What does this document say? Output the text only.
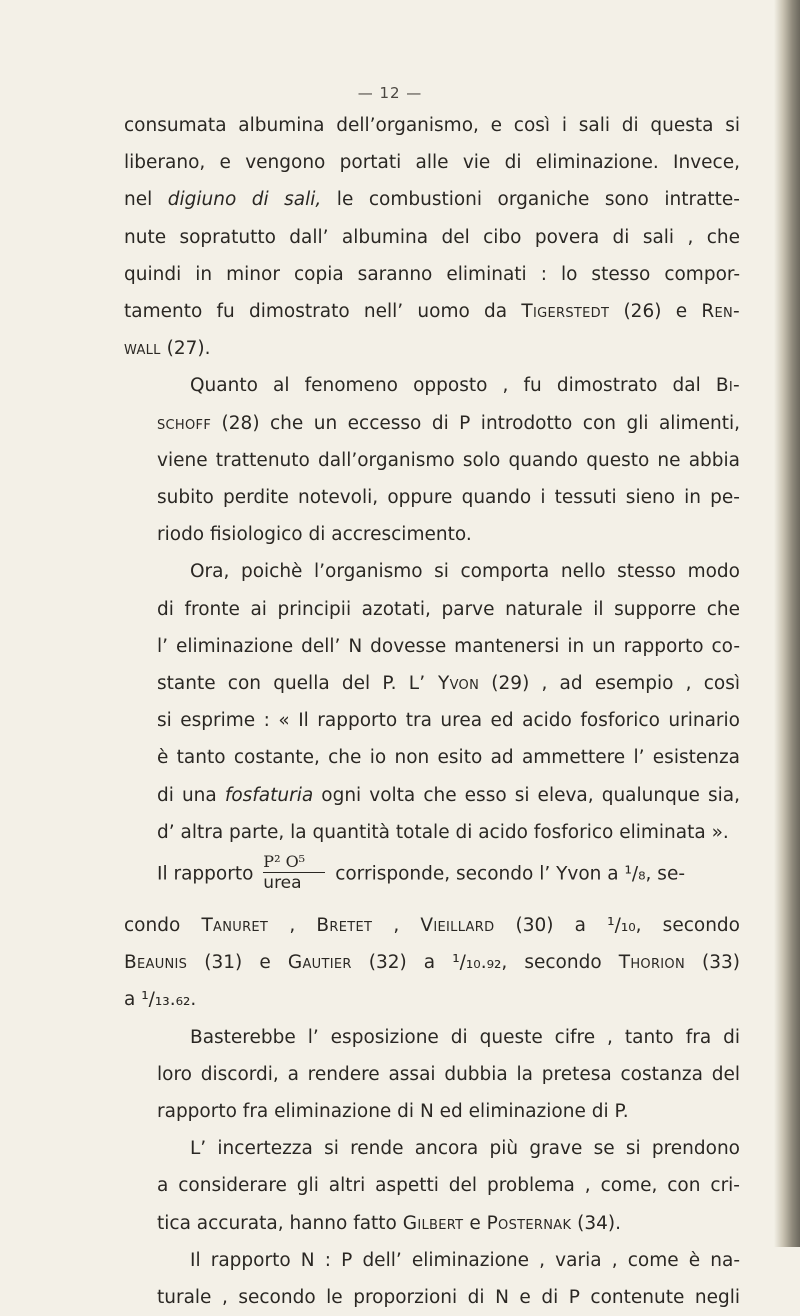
— 12 —

consumata albumina dell’organismo, e così i sali di questa si
liberano, e vengono portati alle vie di eliminazione. Invece,
nel digiuno di sali, le combustioni organiche sono intratte-
nute sopratutto dall’ albumina del cibo povera di sali , che
quindi in minor copia saranno eliminati : lo stesso compor-
tamento fu dimostrato nell’ uomo da Tigerstedt (26) e Ren-
wall (27).

Quanto al fenomeno opposto , fu dimostrato dal Bi-
schoff (28) che un eccesso di P introdotto con gli alimenti,
viene trattenuto dall’organismo solo quando questo ne abbia
subito perdite notevoli, oppure quando i tessuti sieno in pe-
riodo fisiologico di accrescimento.

Ora, poichè l’organismo si comporta nello stesso modo
di fronte ai principii azotati, parve naturale il supporre che
l’ eliminazione dell’ N dovesse mantenersi in un rapporto co-
stante con quella del P. L’ Yvon (29) , ad esempio , così
si esprime : « Il rapporto tra urea ed acido fosforico urinario
è tanto costante, che io non esito ad ammettere l’ esistenza
di una fosfaturia ogni volta che esso si eleva, qualunque sia,
d’ altra parte, la quantità totale di acido fosforico eliminata ».

Il rapporto $\frac{\text{P² O⁵}}{\text{urea}}$ corrisponde, secondo l’ Yvon a ¹/₈, se-
condo Tanuret , Bretet , Vieillard (30) a ¹/₁₀, secondo
Beaunis (31) e Gautier (32) a ¹/₁₀.₉₂, secondo Thorion (33)
a ¹/₁₃.₆₂.

Basterebbe l’ esposizione di queste cifre , tanto fra di
loro discordi, a rendere assai dubbia la pretesa costanza del
rapporto fra eliminazione di N ed eliminazione di P.

L’ incertezza si rende ancora più grave se si prendono
a considerare gli altri aspetti del problema , come, con cri-
tica accurata, hanno fatto Gilbert e Posternak (34).

Il rapporto N : P dell’ eliminazione , varia , come è na-
turale , secondo le proporzioni di N e di P contenute negli
